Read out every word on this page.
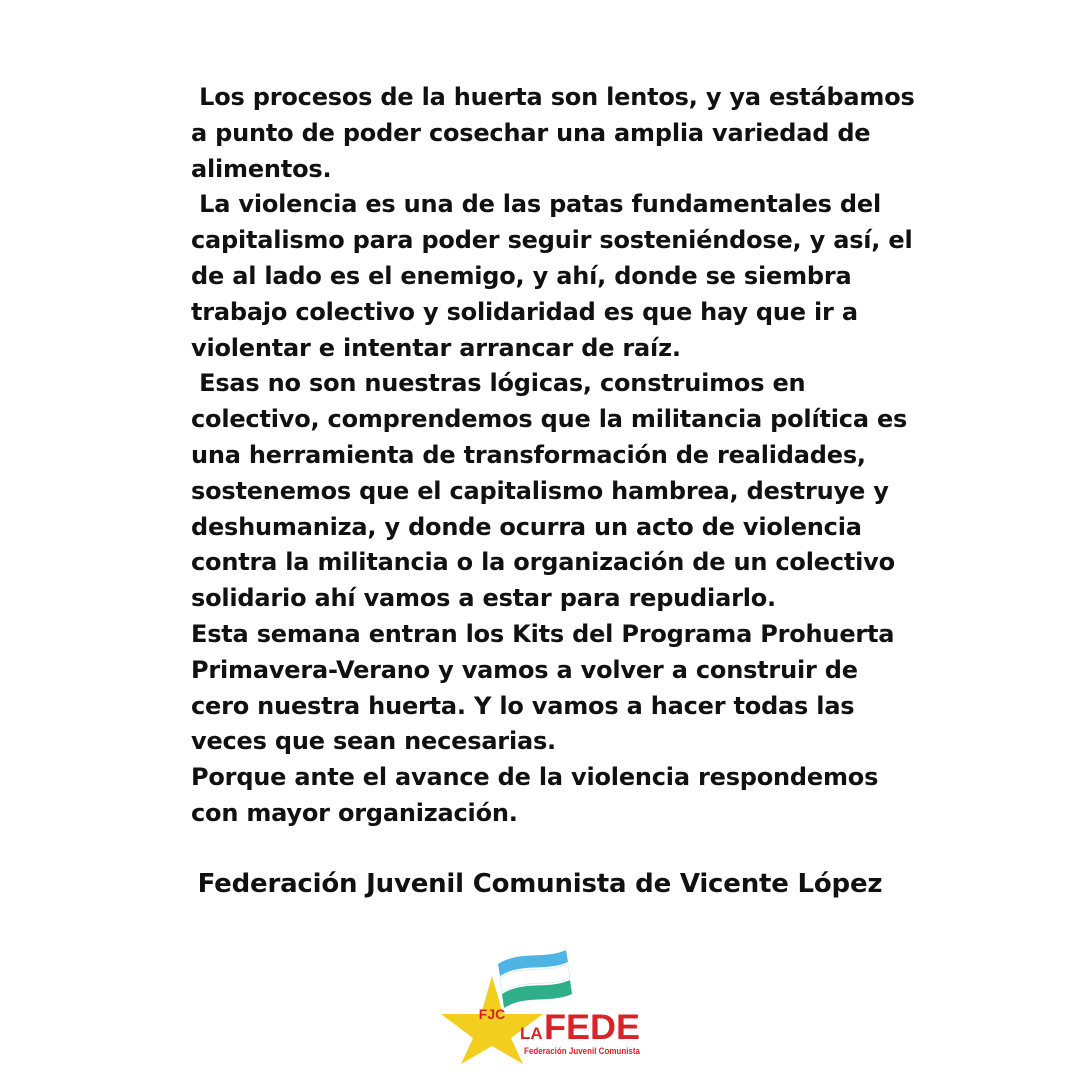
Los procesos de la huerta son lentos, y ya estábamos
a punto de poder cosechar una amplia variedad de
alimentos.
La violencia es una de las patas fundamentales del
capitalismo para poder seguir sosteniéndose, y así, el
de al lado es el enemigo, y ahí, donde se siembra
trabajo colectivo y solidaridad es que hay que ir a
violentar e intentar arrancar de raíz.
Esas no son nuestras lógicas, construimos en
colectivo, comprendemos que la militancia política es
una herramienta de transformación de realidades,
sostenemos que el capitalismo hambrea, destruye y
deshumaniza, y donde ocurra un acto de violencia
contra la militancia o la organización de un colectivo
solidario ahí vamos a estar para repudiarlo.
Esta semana entran los Kits del Programa Prohuerta
Primavera-Verano y vamos a volver a construir de
cero nuestra huerta. Y lo vamos a hacer todas las
veces que sean necesarias.
Porque ante el avance de la violencia respondemos
con mayor organización.
Federación Juvenil Comunista de Vicente López
FJC
LA FEDE
Federación Juvenil Comunista
